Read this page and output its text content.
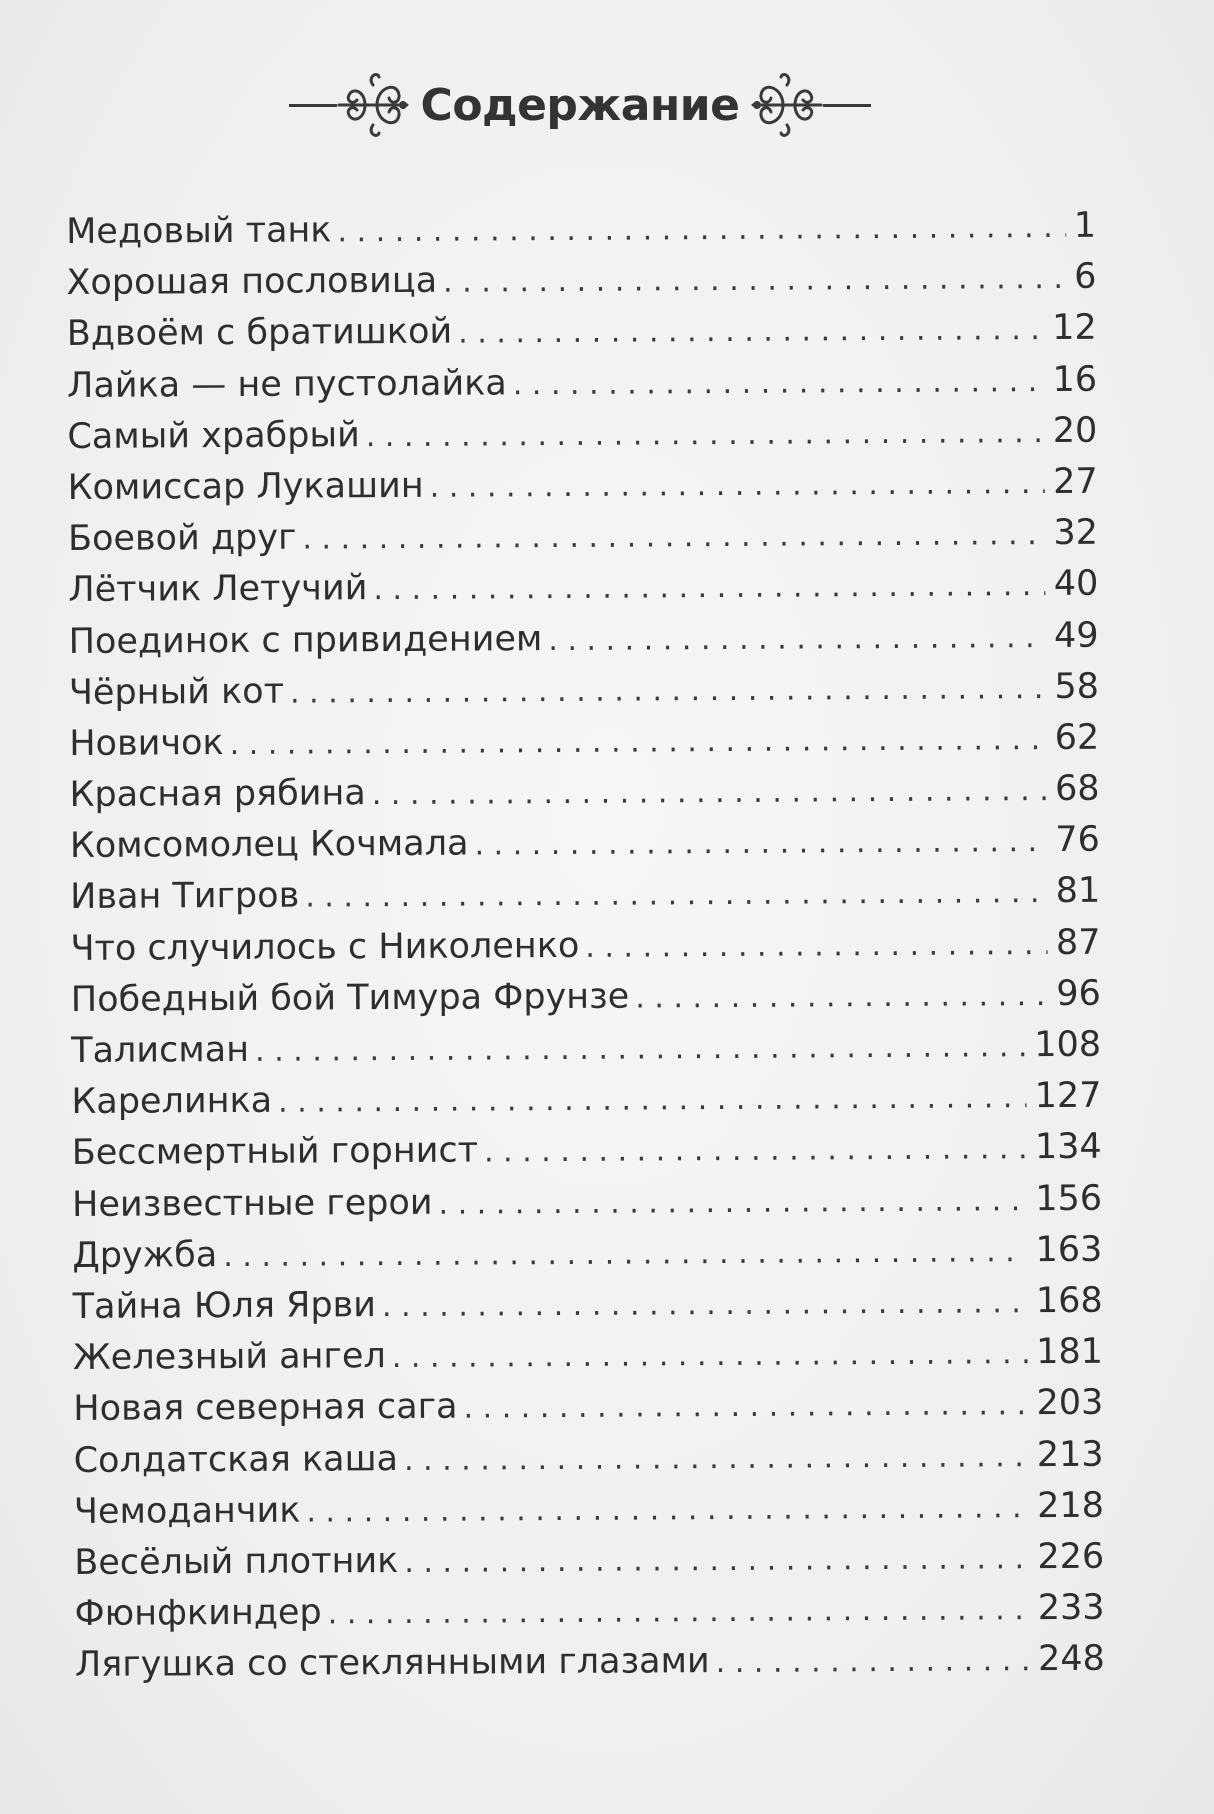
Содержание
Медовый танк . . .	1
Хорошая пословица . . .	6
Вдвоём с братишкой . . .	12
Лайка — не пустолайка . . .	16
Самый храбрый . . .	20
Комиссар Лукашин . . .	27
Боевой друг . . .	32
Лётчик Летучий . . .	40
Поединок с привидением . . .	49
Чёрный кот . . .	58
Новичок . . .	62
Красная рябина . . .	68
Комсомолец Кочмала . . .	76
Иван Тигров . . .	81
Что случилось с Николенко . . .	87
Победный бой Тимура Фрунзе . . .	96
Талисман . . .	108
Карелинка . . .	127
Бессмертный горнист . . .	134
Неизвестные герои . . .	156
Дружба . . .	163
Тайна Юля Ярви . . .	168
Железный ангел . . .	181
Новая северная сага . . .	203
Солдатская каша . . .	213
Чемоданчик . . .	218
Весёлый плотник . . .	226
Фюнфкиндер . . .	233
Лягушка со стеклянными глазами . . .	248
